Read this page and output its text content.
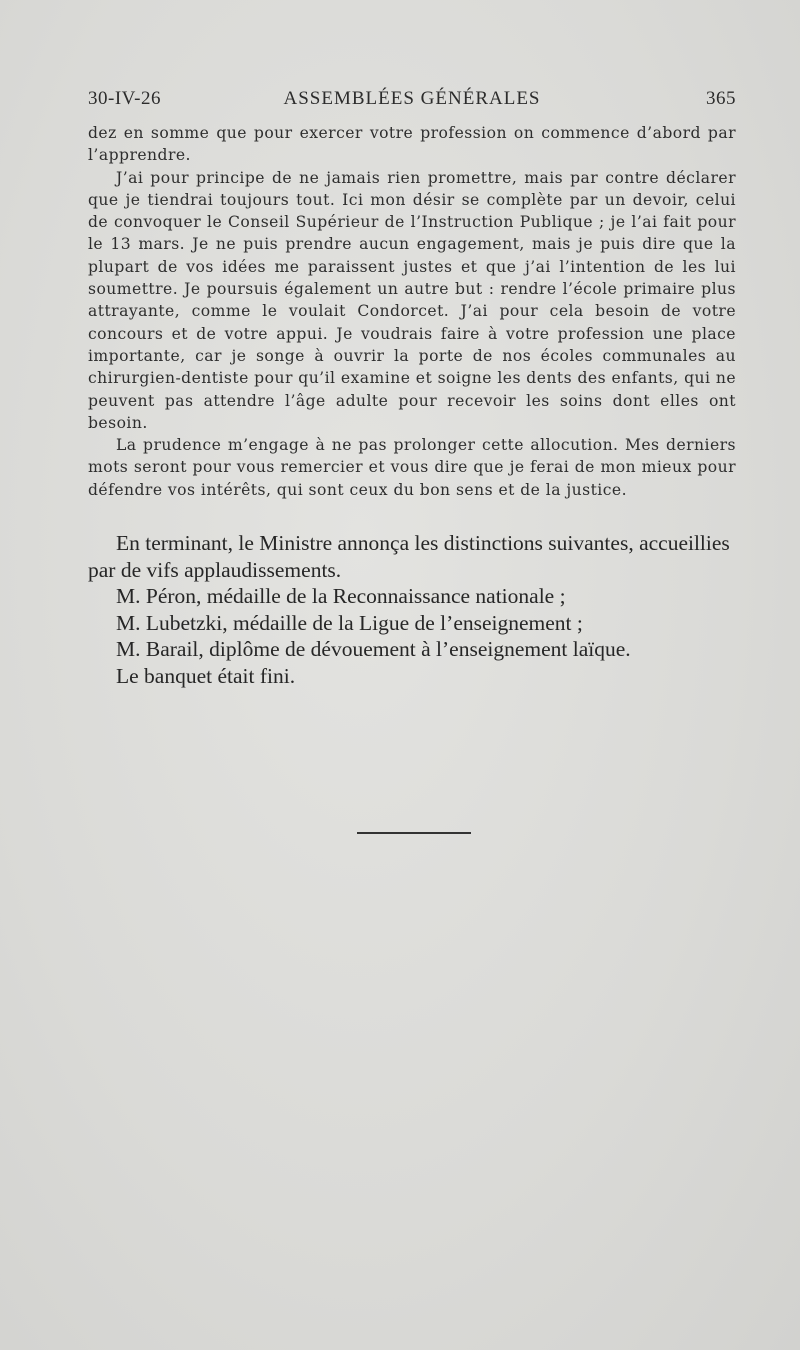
30-IV-26	ASSEMBLÉES GÉNÉRALES	365

dez en somme que pour exercer votre profession on commence d’abord par l’apprendre.

J’ai pour principe de ne jamais rien promettre, mais par contre déclarer que je tiendrai toujours tout. Ici mon désir se complète par un devoir, celui de convoquer le Conseil Supérieur de l’Instruction Publique ; je l’ai fait pour le 13 mars. Je ne puis prendre aucun engagement, mais je puis dire que la plupart de vos idées me paraissent justes et que j’ai l’intention de les lui soumettre. Je poursuis également un autre but : rendre l’école primaire plus attrayante, comme le voulait Condorcet. J’ai pour cela besoin de votre concours et de votre appui. Je voudrais faire à votre profession une place importante, car je songe à ouvrir la porte de nos écoles communales au chirurgien-dentiste pour qu’il examine et soigne les dents des enfants, qui ne peuvent pas attendre l’âge adulte pour recevoir les soins dont elles ont besoin.

La prudence m’engage à ne pas prolonger cette allocution. Mes derniers mots seront pour vous remercier et vous dire que je ferai de mon mieux pour défendre vos intérêts, qui sont ceux du bon sens et de la justice.

En terminant, le Ministre annonça les distinctions suivantes, accueillies par de vifs applaudissements.

M. Péron, médaille de la Reconnaissance nationale ;

M. Lubetzki, médaille de la Ligue de l’enseignement ;

M. Barail, diplôme de dévouement à l’enseignement laïque.

Le banquet était fini.
